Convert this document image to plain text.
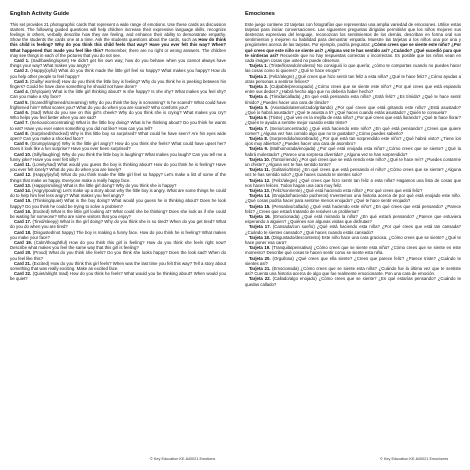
English Activity Guide

This set provides 21 photographic cards that represent a wide range of emotions. Use these cards as discussion starters. The following guided questions will help children increase their expressive language skills, recognize feelings in others, verbally describe how they are feeling, and enhance their ability to demonstrate empathy. Show the students the cards one at a time. Ask the students questions about the cards, such as How do think this child is feeling? Why do you think this child feels that way? Have you ever felt this way? When? What happened that made you feel like this? Remember, there are no right or wrong answers. The children may see things in each of the pictures that you do not see.

Card 1. (Sad/bawling/upset) He didn't get his own way; how do you behave when you cannot always have things your way? What makes you angry?

Card 2. (Happy/joyful) What do you think made the little girl feel so happy? What makes you happy? How do you help other people to feel happy?

Card 3. (Guilty/ worried) How do you think the little boy is feeling? Why do you think he is peeking between his fingers? Could he have done something he should not have done?

Card 4. (Shy/quiet) What is the little girl thinking about? Is she happy? Is she shy? What makes you feel shy? Can you make a shy face?

Card 5. (Scared/frightened/screaming) Why do you think the boy is screaming? Is he scared? What could have frightened him? What scares you? What do you do when you are scared? Who comforts you?

Card 6. (Sad) What do you see on this girl's cheek? Why do you think she is crying? What makes you cry? Who helps you feel better when you are sad?

Card 7. (Serious/concentrating) What is the little boy doing? What is he thinking about? Do you think he wants to eat? Have you ever eaten something you did not like? How can you tell?

Card 8. (Surprised/shocked) Why is this little boy so surprised? What could he have seen? Are his eyes wide open? Can you make a shocked face?

Card 9. (Grumpy/angry) Why is the little girl angry? How do you think she feels? What could have upset her? Does it look like a fun surprise? Have you ever been surprised?

Card 10. (Silly/laughing) Why do you think the little boy is laughing? What makes you laugh? Can you tell me a funny joke? Have you ever felt silly?

Card 11. (Lonely/sad) What would you guess the boy is thinking about? How do you think he is feeling? Have you ever felt lonely? What do you do when you are lonely?

Card 12. (Happy/joyful) What do you think made the little girl feel so happy? Let's make a list of some of the things that make us happy. Everyone make a really happy face.

Card 13. (Happy/smiling) What is the little girl doing? Why do you think she is happy?

Card 14. (Angry/pouting) Let's make up a story about why the little boy is angry. What are some things he could do to help him feel less angry? What makes you feel angry?

Card 15. (Thinking/quiet) What is the boy doing? What would you guess he is thinking about? Does he look happy? Do you think he could be trying to solve a problem?

Card 16. (Excited) What is the little girl looking at? What could she be thinking? Does she look as if she could be waiting for someone? Who are some visitors that you enjoy?

Card 17. (Tired/sleepy) What is the girl doing? Why do you think she is so tired? When do you get tired? What do you do when you are tired?

Card 18. (Disgusted/not happy) The boy is making a funny face. How do you think he is feeling? What makes you make your face?

Card 19. (Calm/thoughtful) How do you think this girl is feeling? How do you think she feels right now? Describe what makes you feel the same way that this girl is feeling?

Card 20. (Proud) What do you think she feels? Do you think she looks happy? Does the look sad? When do you feel like this?

Card 21. (Excited) How do you think this girl feels? When was the last time you felt this way? Tell a story about something that was really exciting. Make an excited face.

Card 22. (Quiet/alright mad) How do you think he feels? What would you be thinking about? When would you be quiet?

Emociones

Este juego contiene 22 tarjetas con fotografías que representan una amplia variedad de emociones. Utilice estas tarjetas para iniciar conversaciones. Las siguientes preguntas dirigidas permitirán que los niños mejoren sus destrezas expresivas del lenguaje, reconozcan los sentimientos de los demás, describan en forma oral sus sentimientos y mejoren su habilidad para demostrar empatía. Muestre las tarjetas a los niños una por una y pregúnteles acerca de las tarjetas. Por ejemplo, podría preguntar: ¿Cómo crees que se siente este niño? ¿Por qué crees que este niño se siente así? ¿Alguna vez te has sentido así? ¿Cuándo? ¿Qué sucedió para que te sintieras así? Recuerde que no hay respuestas correctas o incorrectas. Es posible que los niños vean en cada imagen cosas que usted no puede observar.

Tarjeta 1. (Triste/llorando/molesto) No consiguió lo que quería; ¿cómo te comportas cuando no puedes hacer las cosas como tú quieres? ¿Qué te hace enojar?

Tarjeta 2. (Feliz/alegre) ¿Qué crees que hizo sentir tan feliz a esta niña? ¿Qué te hace feliz? ¿Cómo ayudas a otras personas a sentirse felices?

Tarjeta 3. (Culpable/preocupado) ¿Cómo crees que se siente este niño? ¿Por qué crees que está espiando entre sus dedos? ¿Habrá hecho algo que no debería haber hecho?

Tarjeta 4. (Tímida/callada) ¿En qué está pensando esta niña? ¿Está feliz? ¿Es tímida? ¿Qué te hace sentir tímido? ¿Puedes hacer una cara de tímido?

Tarjeta 5. (Asustado/atemorizado/gritando) ¿Por qué crees que está gritando este niño? ¿Está asustado? ¿Qué lo habrá asustado? ¿Qué te asusta a ti? ¿Qué haces cuando estás asustado? ¿Quién te consuela?

Tarjeta 6. (Triste) ¿Qué ves en la mejilla de esta niña? ¿Por qué crees que está llorando? ¿Qué te hace llorar? ¿Quién te ayuda a sentirte mejor cuando estás triste?

Tarjeta 7. (Serio/concentrado) ¿Qué está haciendo este niño? ¿En qué está pensando? ¿Crees que quiere comer? ¿Alguna vez has comido algo que no te gustaba? ¿Cómo puedes saberlo?

Tarjeta 8. (Sorprendido/asombrado) ¿Por qué está tan sorprendido este niño? ¿Qué habrá visto? ¿Tiene los ojos muy abiertos? ¿Puedes hacer una cara de asombro?

Tarjeta 9. (Malhumorada/enojada) ¿Por qué está enojada esta niña? ¿Cómo crees que se siente? ¿Qué la habrá molestado? ¿Parece una sorpresa divertida? ¿Alguna vez te han sorprendido?

Tarjeta 10. (Tonto/riendo) ¿Por qué crees que se está riendo este niño? ¿Qué te hace reír? ¿Puedes contarme un chiste? ¿Alguna vez te has sentido tonto?

Tarjeta 11. (Solitario/triste) ¿En qué crees que está pensando el niño? ¿Cómo crees que se siente? ¿Alguna vez te has sentido solo? ¿Qué haces cuando te sientes solo?

Tarjeta 12. (Feliz/alegre) ¿Qué crees que hizo sentir tan feliz a esta niña? Hagamos una lista de cosas que nos hacen felices. Todos hagan una cara muy feliz.

Tarjeta 13. (Feliz/sonriente) ¿Qué está haciendo esta niña? ¿Por qué crees que está feliz?

Tarjeta 14. (Enojado/haciendo pucheros) Inventemos una historia acerca de por qué está enojado este niño. ¿Qué cosas podría hacer para sentirse menos enojado? ¿Qué te hace sentir enojado?

Tarjeta 15. (Pensativo/callado) ¿Qué está haciendo este niño? ¿En qué crees que está pensando? ¿Parece feliz? ¿Crees que estará tratando de resolver un problema?

Tarjeta 16. (Emocionada) ¿Qué está mirando la niña? ¿En qué estará pensando? ¿Parece que estuviera esperando a alguien? ¿Quiénes son algunas visitas que disfrutas?

Tarjeta 17. (Cansada/con sueño) ¿Qué está haciendo esta niña? ¿Por qué crees que está tan cansada? ¿Cuándo te sientes cansado? ¿Qué haces cuando estás cansado?

Tarjeta 18. (Disgustado/descontento) Este niño hace una cara graciosa. ¿Cómo crees que se siente? ¿Qué te hace poner esa cara?

Tarjeta 19. (Tranquila/pensativa) ¿Cómo crees que se siente esta niña? ¿Cómo crees que se siente en este momento? Describe qué cosas te hacen sentir como se siente esta niña.

Tarjeta 20. (Orgullosa) ¿Qué crees que ella siente? ¿Crees que parece feliz? ¿Parece triste? ¿Cuándo te sientes así?

Tarjeta 21. (Emocionada) ¿Cómo crees que se siente esta niña? ¿Cuándo fue la última vez que te sentiste así? Cuenta una historia acerca de algo que fue realmente emocionante. Pon una cara de emoción.

Tarjeta 22. (Callado/algo enojado) ¿Cómo crees que se siente? ¿En qué estarías pensando? ¿Cuándo te quedas callado?

© Key Education KE-840021 Emotions	© Key Education KE-840021 Emociones
